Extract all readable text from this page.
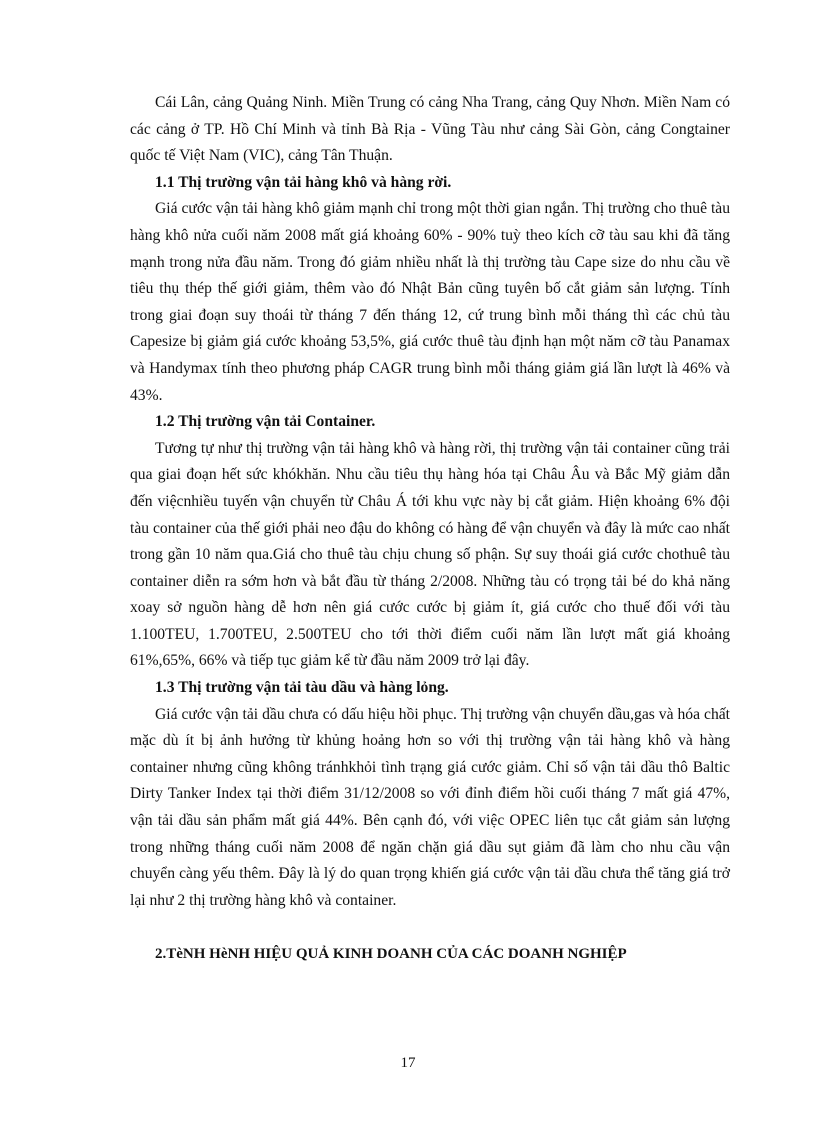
Cái Lân, cảng Quảng Ninh. Miền Trung có cảng Nha Trang, cảng Quy Nhơn. Miền Nam có các cảng ở TP. Hồ Chí Minh và tỉnh Bà Rịa - Vũng Tàu như cảng Sài Gòn, cảng Congtainer quốc tế Việt Nam (VIC), cảng Tân Thuận.

1.1 Thị trường vận tải hàng khô và hàng rời.

Giá cước vận tải hàng khô giảm mạnh chỉ trong một thời gian ngắn. Thị trường cho thuê tàu hàng khô nửa cuối năm 2008 mất giá khoảng 60% - 90% tuỳ theo kích cỡ tàu sau khi đã tăng mạnh trong nửa đầu năm. Trong đó giảm nhiều nhất là thị trường tàu Cape size do nhu cầu về tiêu thụ thép thế giới giảm, thêm vào đó Nhật Bản cũng tuyên bố cắt giảm sản lượng. Tính trong giai đoạn suy thoái từ tháng 7 đến tháng 12, cứ trung bình mỗi tháng thì các chủ tàu Capesize bị giảm giá cước khoảng 53,5%, giá cước thuê tàu định hạn một năm cỡ tàu Panamax và Handymax tính theo phương pháp CAGR trung bình mỗi tháng giảm giá lần lượt là 46% và 43%.

1.2 Thị trường vận tải Container.

Tương tự như thị trường vận tải hàng khô và hàng rời, thị trường vận tải container cũng trải qua giai đoạn hết sức khókhăn. Nhu cầu tiêu thụ hàng hóa tại Châu Âu và Bắc Mỹ giảm dẫn đến việcnhiều tuyến vận chuyển từ Châu Á tới khu vực này bị cắt giảm. Hiện khoảng 6% đội tàu container của thế giới phải neo đậu do không có hàng để vận chuyển và đây là mức cao nhất trong gần 10 năm qua.Giá cho thuê tàu chịu chung số phận. Sự suy thoái giá cước chothuê tàu container diễn ra sớm hơn và bắt đầu từ tháng 2/2008. Những tàu có trọng tải bé do khả năng xoay sở nguồn hàng dễ hơn nên giá cước cước bị giảm ít, giá cước cho thuế đối với tàu 1.100TEU, 1.700TEU, 2.500TEU cho tới thời điểm cuối năm lần lượt mất giá khoảng 61%,65%, 66% và tiếp tục giảm kể từ đầu năm 2009 trở lại đây.

1.3 Thị trường vận tải tàu dầu và hàng lỏng.

Giá cước vận tải dầu chưa có dấu hiệu hồi phục. Thị trường vận chuyển dầu,gas và hóa chất mặc dù ít bị ảnh hưởng từ khủng hoảng hơn so với thị trường vận tải hàng khô và hàng container nhưng cũng không tránhkhỏi tình trạng giá cước giảm. Chỉ số vận tải dầu thô Baltic Dirty Tanker Index tại thời điểm 31/12/2008 so với đỉnh điểm hồi cuối tháng 7 mất giá 47%, vận tải dầu sản phẩm mất giá 44%. Bên cạnh đó, với việc OPEC liên tục cắt giảm sản lượng trong những tháng cuối năm 2008 để ngăn chặn giá dầu sụt giảm đã làm cho nhu cầu vận chuyển càng yếu thêm. Đây là lý do quan trọng khiến giá cước vận tải dầu chưa thể tăng giá trở lại như 2 thị trường hàng khô và container.

2.TèNH HèNH HIỆU QUẢ KINH DOANH CỦA CÁC DOANH NGHIỆP

17
